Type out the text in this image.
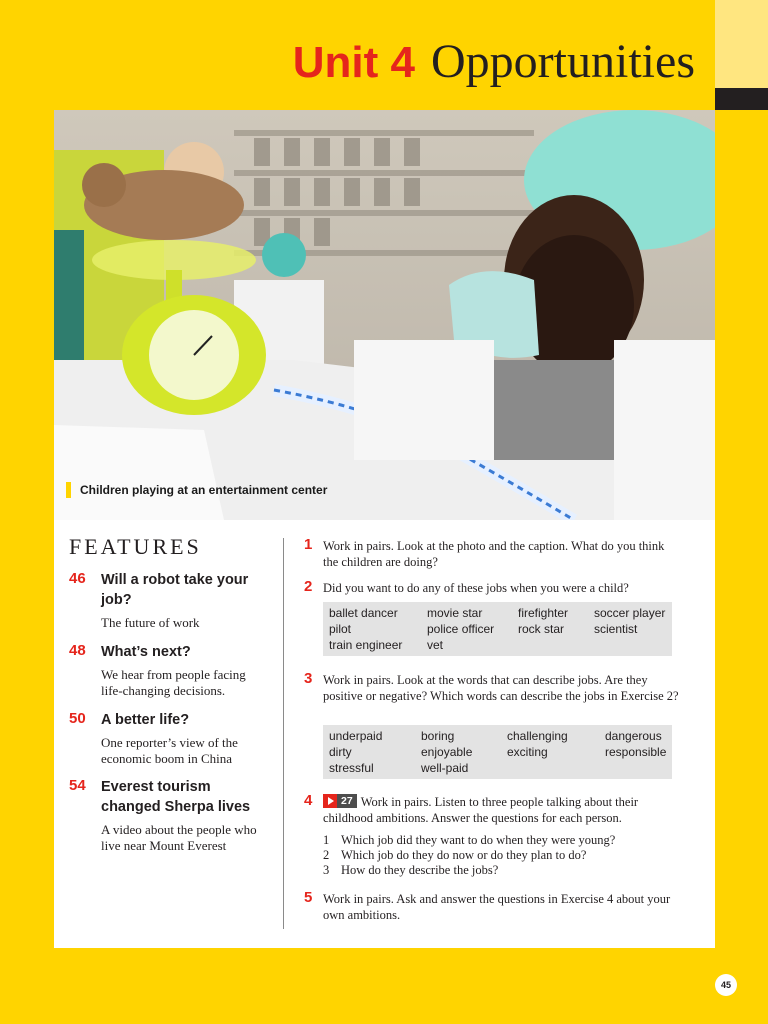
Unit 4 Opportunities
Children playing at an entertainment center
FEATURES
46 Will a robot take your job?
The future of work
48 What’s next?
We hear from people facing life-changing decisions.
50 A better life?
One reporter’s view of the economic boom in China
54 Everest tourism changed Sherpa lives
A video about the people who live near Mount Everest
1 Work in pairs. Look at the photo and the caption. What do you think the children are doing?
2 Did you want to do any of these jobs when you were a child?
ballet dancer
pilot
train engineer
movie star
police officer
vet
firefighter
rock star
soccer player
scientist
3 Work in pairs. Look at the words that can describe jobs. Are they positive or negative? Which words can describe the jobs in Exercise 2?
underpaid
dirty
stressful
boring
enjoyable
well-paid
challenging
exciting
dangerous
responsible
4	27 Work in pairs. Listen to three people talking about their childhood ambitions. Answer the questions for each person.
1 Which job did they want to do when they were young?
2 Which job do they do now or do they plan to do?
3 How do they describe the jobs?
5 Work in pairs. Ask and answer the questions in Exercise 4 about your own ambitions.
45
